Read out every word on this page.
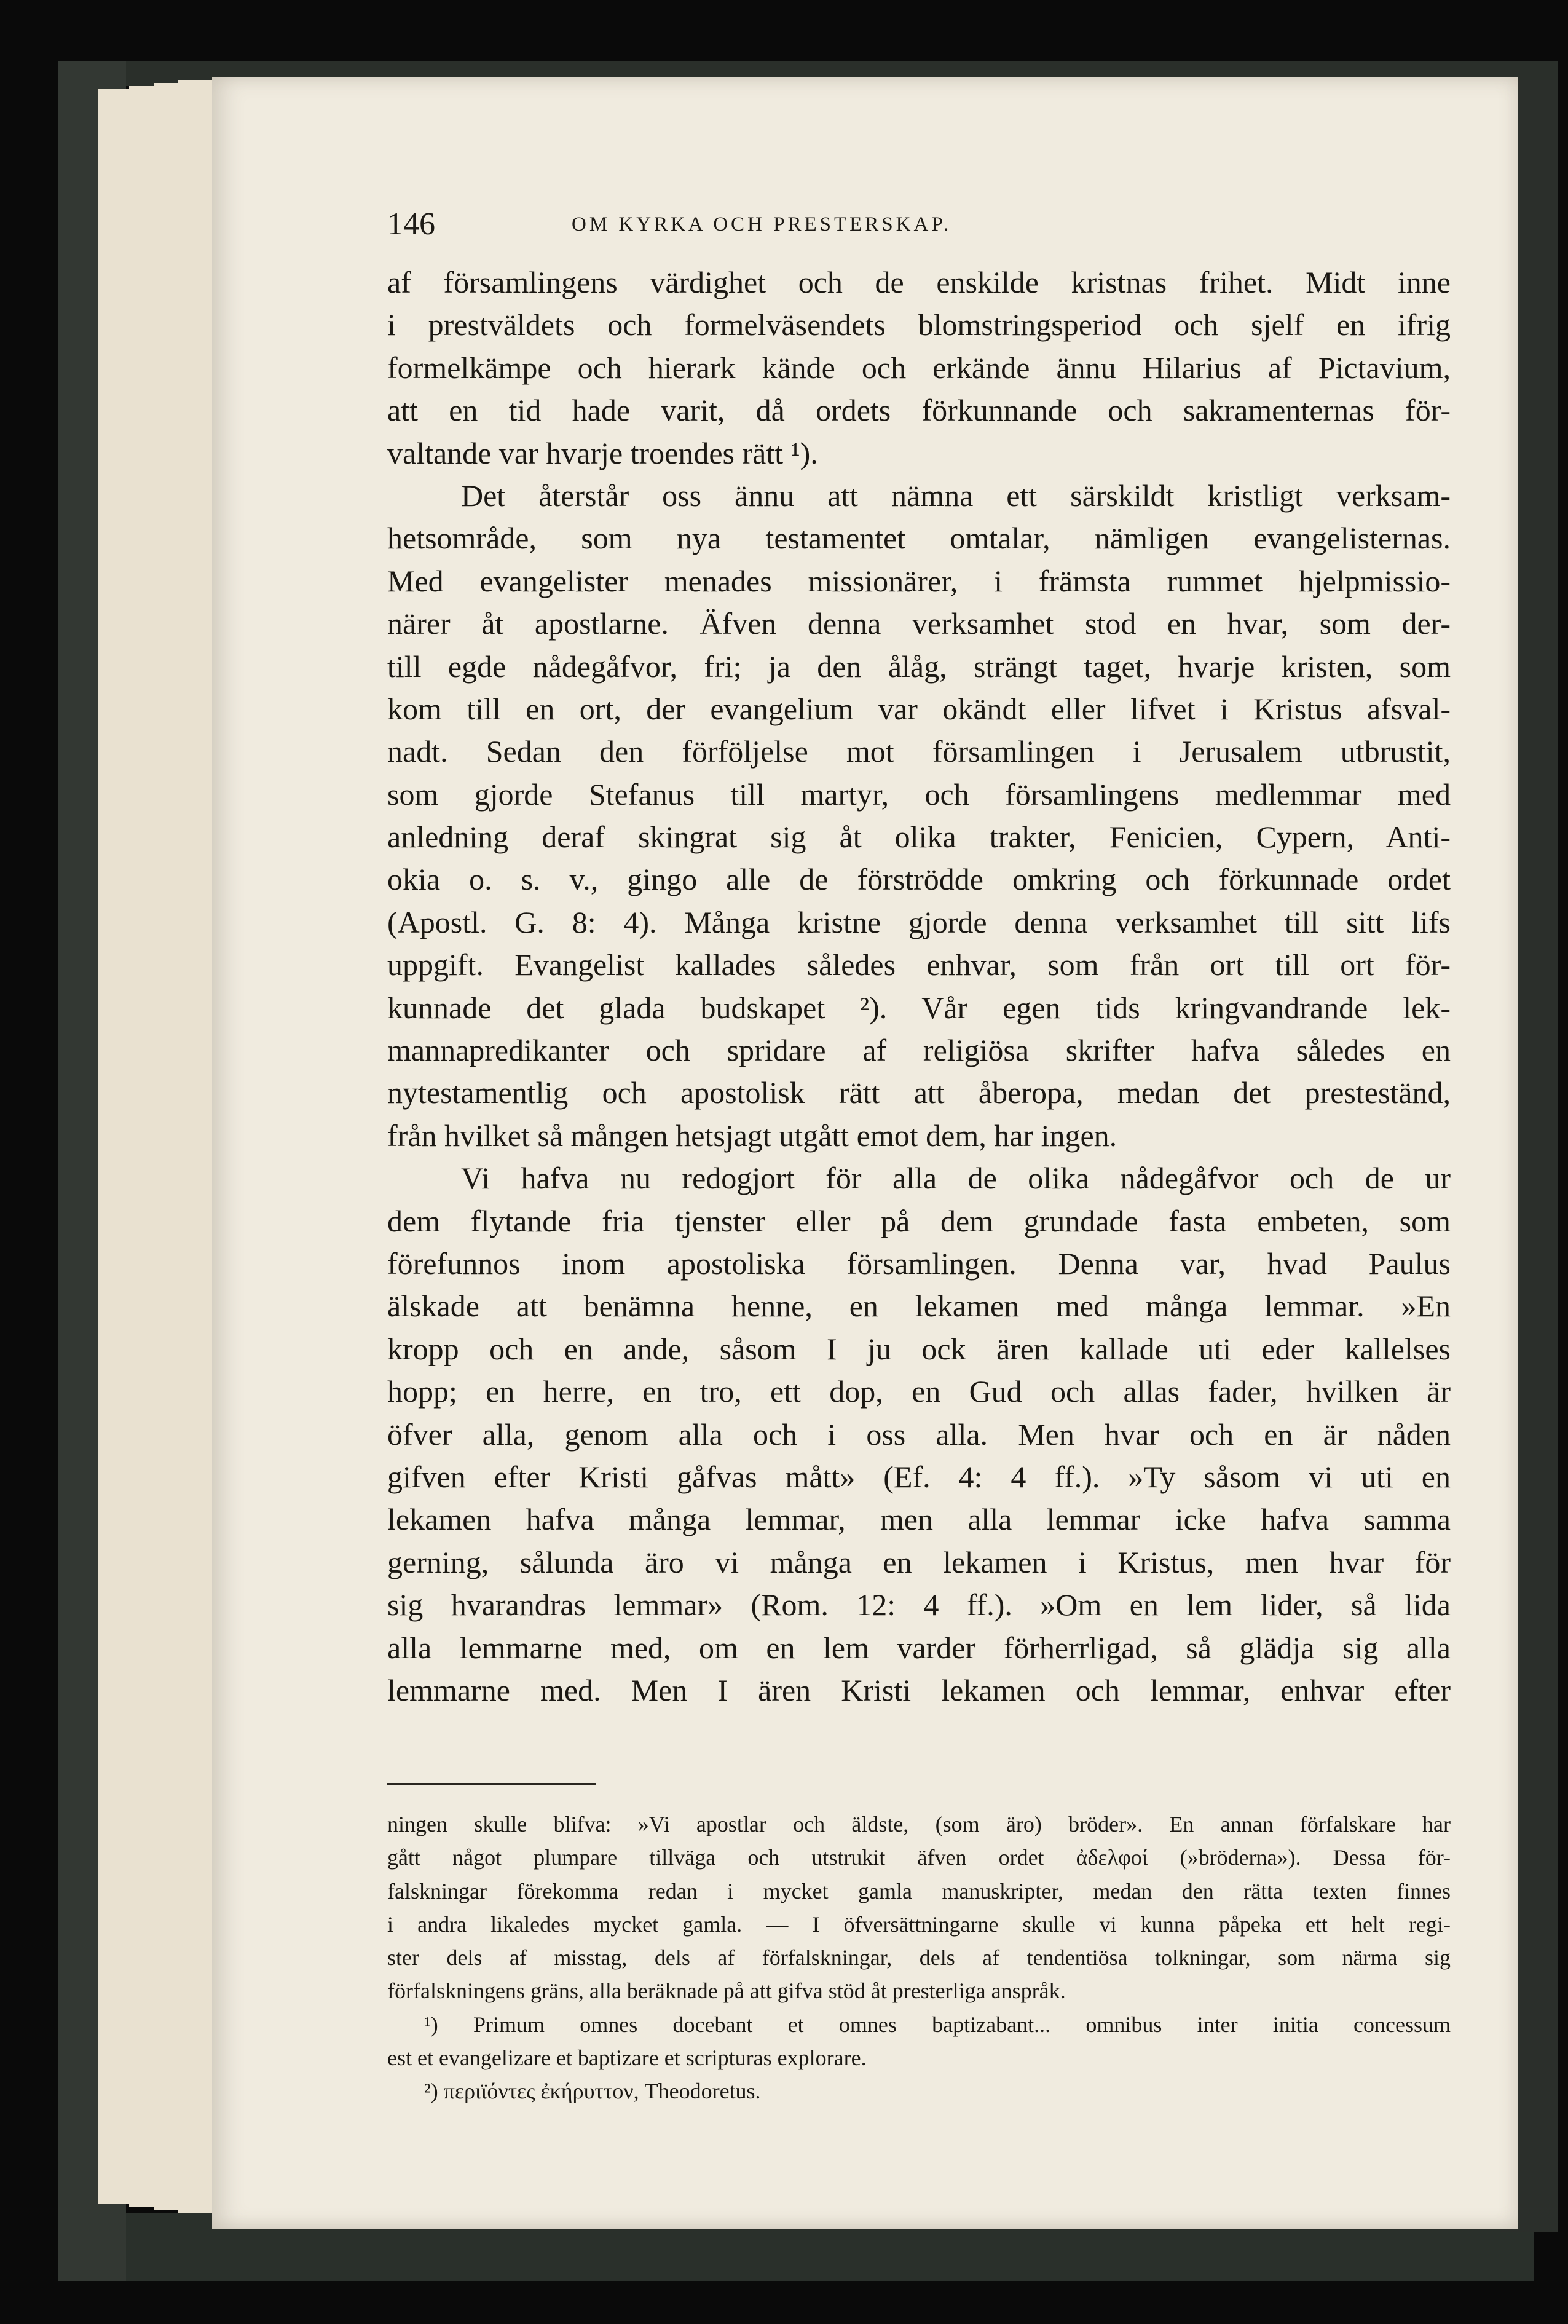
146	OM KYRKA OCH PRESTERSKAP.
af församlingens värdighet och de enskilde kristnas frihet. Midt inne
i prestväldets och formelväsendets blomstringsperiod och sjelf en ifrig
formelkämpe och hierark kände och erkände ännu Hilarius af Pictavium,
att en tid hade varit, då ordets förkunnande och sakramenternas för-
valtande var hvarje troendes rätt ¹).
Det återstår oss ännu att nämna ett särskildt kristligt verksam-
hetsområde, som nya testamentet omtalar, nämligen evangelisternas.
Med evangelister menades missionärer, i främsta rummet hjelpmissio-
närer åt apostlarne. Äfven denna verksamhet stod en hvar, som der-
till egde nådegåfvor, fri; ja den ålåg, strängt taget, hvarje kristen, som
kom till en ort, der evangelium var okändt eller lifvet i Kristus afsval-
nadt. Sedan den förföljelse mot församlingen i Jerusalem utbrustit,
som gjorde Stefanus till martyr, och församlingens medlemmar med
anledning deraf skingrat sig åt olika trakter, Fenicien, Cypern, Anti-
okia o. s. v., gingo alle de förströdde omkring och förkunnade ordet
(Apostl. G. 8: 4). Många kristne gjorde denna verksamhet till sitt lifs
uppgift. Evangelist kallades således enhvar, som från ort till ort för-
kunnade det glada budskapet ²). Vår egen tids kringvandrande lek-
mannapredikanter och spridare af religiösa skrifter hafva således en
nytestamentlig och apostolisk rätt att åberopa, medan det presteständ,
från hvilket så mången hetsjagt utgått emot dem, har ingen.
Vi hafva nu redogjort för alla de olika nådegåfvor och de ur
dem flytande fria tjenster eller på dem grundade fasta embeten, som
förefunnos inom apostoliska församlingen. Denna var, hvad Paulus
älskade att benämna henne, en lekamen med många lemmar. »En
kropp och en ande, såsom I ju ock ären kallade uti eder kallelses
hopp; en herre, en tro, ett dop, en Gud och allas fader, hvilken är
öfver alla, genom alla och i oss alla. Men hvar och en är nåden
gifven efter Kristi gåfvas mått» (Ef. 4: 4 ff.). »Ty såsom vi uti en
lekamen hafva många lemmar, men alla lemmar icke hafva samma
gerning, sålunda äro vi många en lekamen i Kristus, men hvar för
sig hvarandras lemmar» (Rom. 12: 4 ff.). »Om en lem lider, så lida
alla lemmarne med, om en lem varder förherrligad, så glädja sig alla
lemmarne med. Men I ären Kristi lekamen och lemmar, enhvar efter
ningen skulle blifva: »Vi apostlar och äldste, (som äro) bröder». En annan förfalskare har
gått något plumpare tillväga och utstrukit äfven ordet ἀδελφοί (»bröderna»). Dessa för-
falskningar förekomma redan i mycket gamla manuskripter, medan den rätta texten finnes
i andra likaledes mycket gamla. — I öfversättningarne skulle vi kunna påpeka ett helt regi-
ster dels af misstag, dels af förfalskningar, dels af tendentiösa tolkningar, som närma sig
förfalskningens gräns, alla beräknade på att gifva stöd åt presterliga anspråk.
¹) Primum omnes docebant et omnes baptizabant... omnibus inter initia concessum
est et evangelizare et baptizare et scripturas explorare.
²) περιϊόντες ἐκήρυττον, Theodoretus.
